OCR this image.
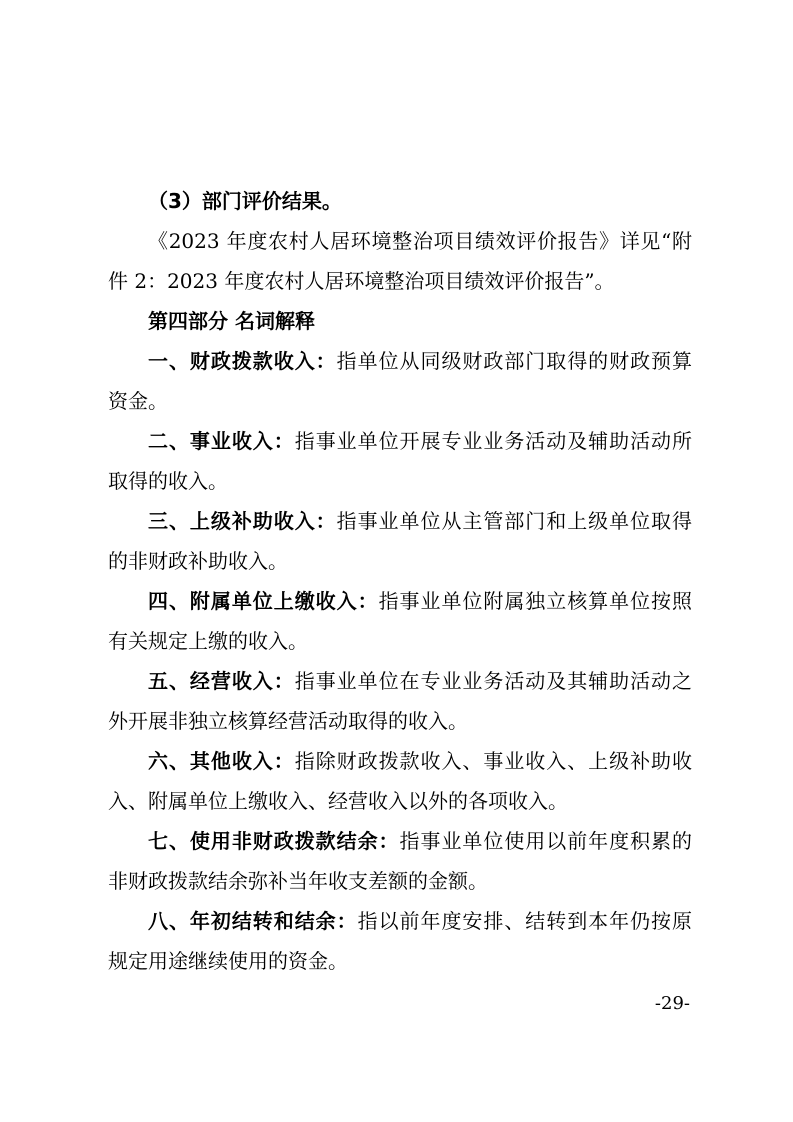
（3）部门评价结果。
《2023 年度农村人居环境整治项目绩效评价报告》详见“附
件 2：2023 年度农村人居环境整治项目绩效评价报告”。
第四部分 名词解释
一、财政拨款收入：指单位从同级财政部门取得的财政预算
资金。
二、事业收入：指事业单位开展专业业务活动及辅助活动所
取得的收入。
三、上级补助收入：指事业单位从主管部门和上级单位取得
的非财政补助收入。
四、附属单位上缴收入：指事业单位附属独立核算单位按照
有关规定上缴的收入。
五、经营收入：指事业单位在专业业务活动及其辅助活动之
外开展非独立核算经营活动取得的收入。
六、其他收入：指除财政拨款收入、事业收入、上级补助收
入、附属单位上缴收入、经营收入以外的各项收入。
七、使用非财政拨款结余：指事业单位使用以前年度积累的
非财政拨款结余弥补当年收支差额的金额。
八、年初结转和结余：指以前年度安排、结转到本年仍按原
规定用途继续使用的资金。
-29-
